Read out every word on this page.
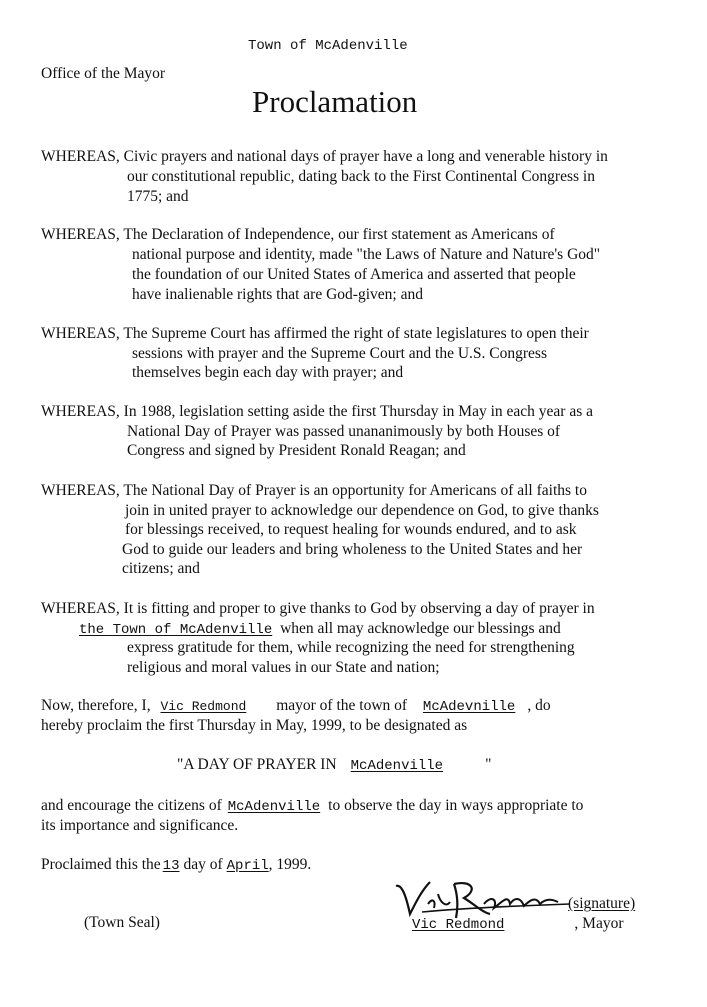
Town of McAdenville
Office of the Mayor
Proclamation
WHEREAS, Civic prayers and national days of prayer have a long and venerable history in
our constitutional republic, dating back to the First Continental Congress in
1775; and
WHEREAS, The Declaration of Independence, our first statement as Americans of
national purpose and identity, made "the Laws of Nature and Nature's God"
the foundation of our United States of America and asserted that people
have inalienable rights that are God-given; and
WHEREAS, The Supreme Court has affirmed the right of state legislatures to open their
sessions with prayer and the Supreme Court and the U.S. Congress
themselves begin each day with prayer; and
WHEREAS, In 1988, legislation setting aside the first Thursday in May in each year as a
National Day of Prayer was passed unananimously by both Houses of
Congress and signed by President Ronald Reagan; and
WHEREAS, The National Day of Prayer is an opportunity for Americans of all faiths to
join in united prayer to acknowledge our dependence on God, to give thanks
for blessings received, to request healing for wounds endured, and to ask
God to guide our leaders and bring wholeness to the United States and her
citizens; and
WHEREAS, It is fitting and proper to give thanks to God by observing a day of prayer in
the Town of McAdenville when all may acknowledge our blessings and
express gratitude for them, while recognizing the need for strengthening
religious and moral values in our State and nation;
Now, therefore, I, Vic Redmond mayor of the town of McAdevnille , do
hereby proclaim the first Thursday in May, 1999, to be designated as
"A DAY OF PRAYER IN McAdenville	"
and encourage the citizens of McAdenville to observe the day in ways appropriate to
its importance and significance.
Proclaimed this the 13 day of April, 1999.
(Town Seal)
(signature)
Vic Redmond	, Mayor
